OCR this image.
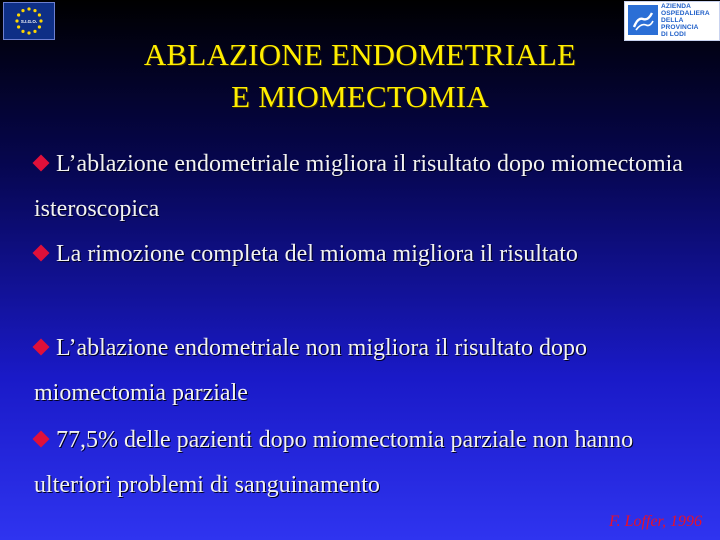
S.I.G.O.
AZIENDA
OSPEDALIERA
DELLA
PROVINCIA
DI LODI
ABLAZIONE ENDOMETRIALE
E MIOMECTOMIA
L’ablazione endometriale migliora il risultato dopo miomectomia isteroscopica
La rimozione completa del mioma migliora il risultato
L’ablazione endometriale non migliora il risultato dopo miomectomia parziale
77,5% delle pazienti dopo miomectomia parziale non hanno ulteriori problemi di sanguinamento
F. Loffer, 1996
